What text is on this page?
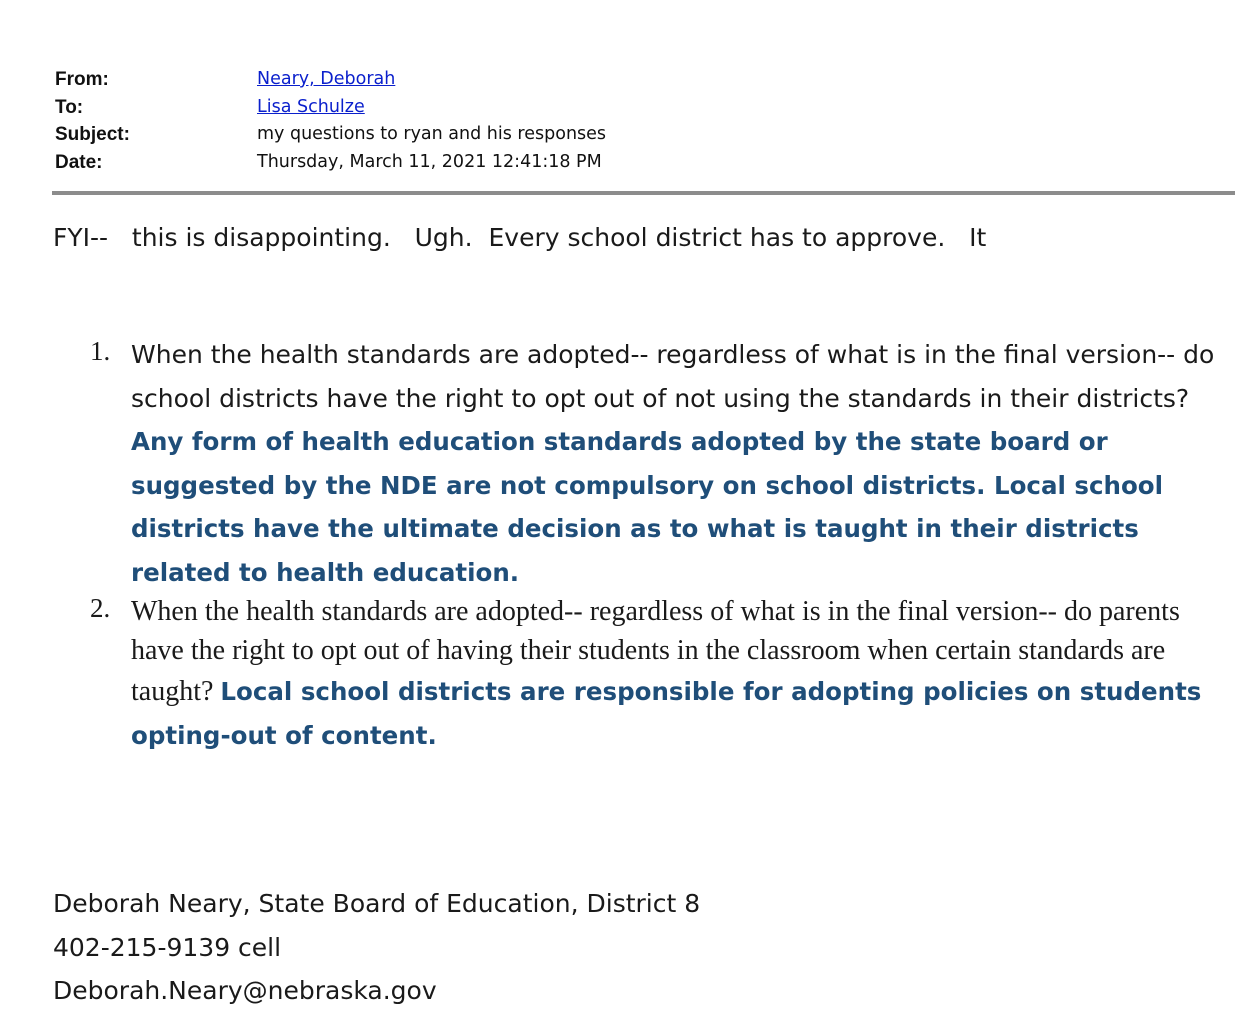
From:	Neary, Deborah
To:	Lisa Schulze
Subject:	my questions to ryan and his responses
Date:	Thursday, March 11, 2021 12:41:18 PM
FYI--   this is disappointing.   Ugh.  Every school district has to approve.   It
1. When the health standards are adopted-- regardless of what is in the final version-- do school districts have the right to opt out of not using the standards in their districts?  Any form of health education standards adopted by the state board or suggested by the NDE are not compulsory on school districts. Local school districts have the ultimate decision as to what is taught in their districts related to health education.
2. When the health standards are adopted-- regardless of what is in the final version-- do parents have the right to opt out of having their students in the classroom when certain standards are taught? Local school districts are responsible for adopting policies on students opting-out of content.
Deborah Neary, State Board of Education, District 8
402-215-9139 cell
Deborah.Neary@nebraska.gov
